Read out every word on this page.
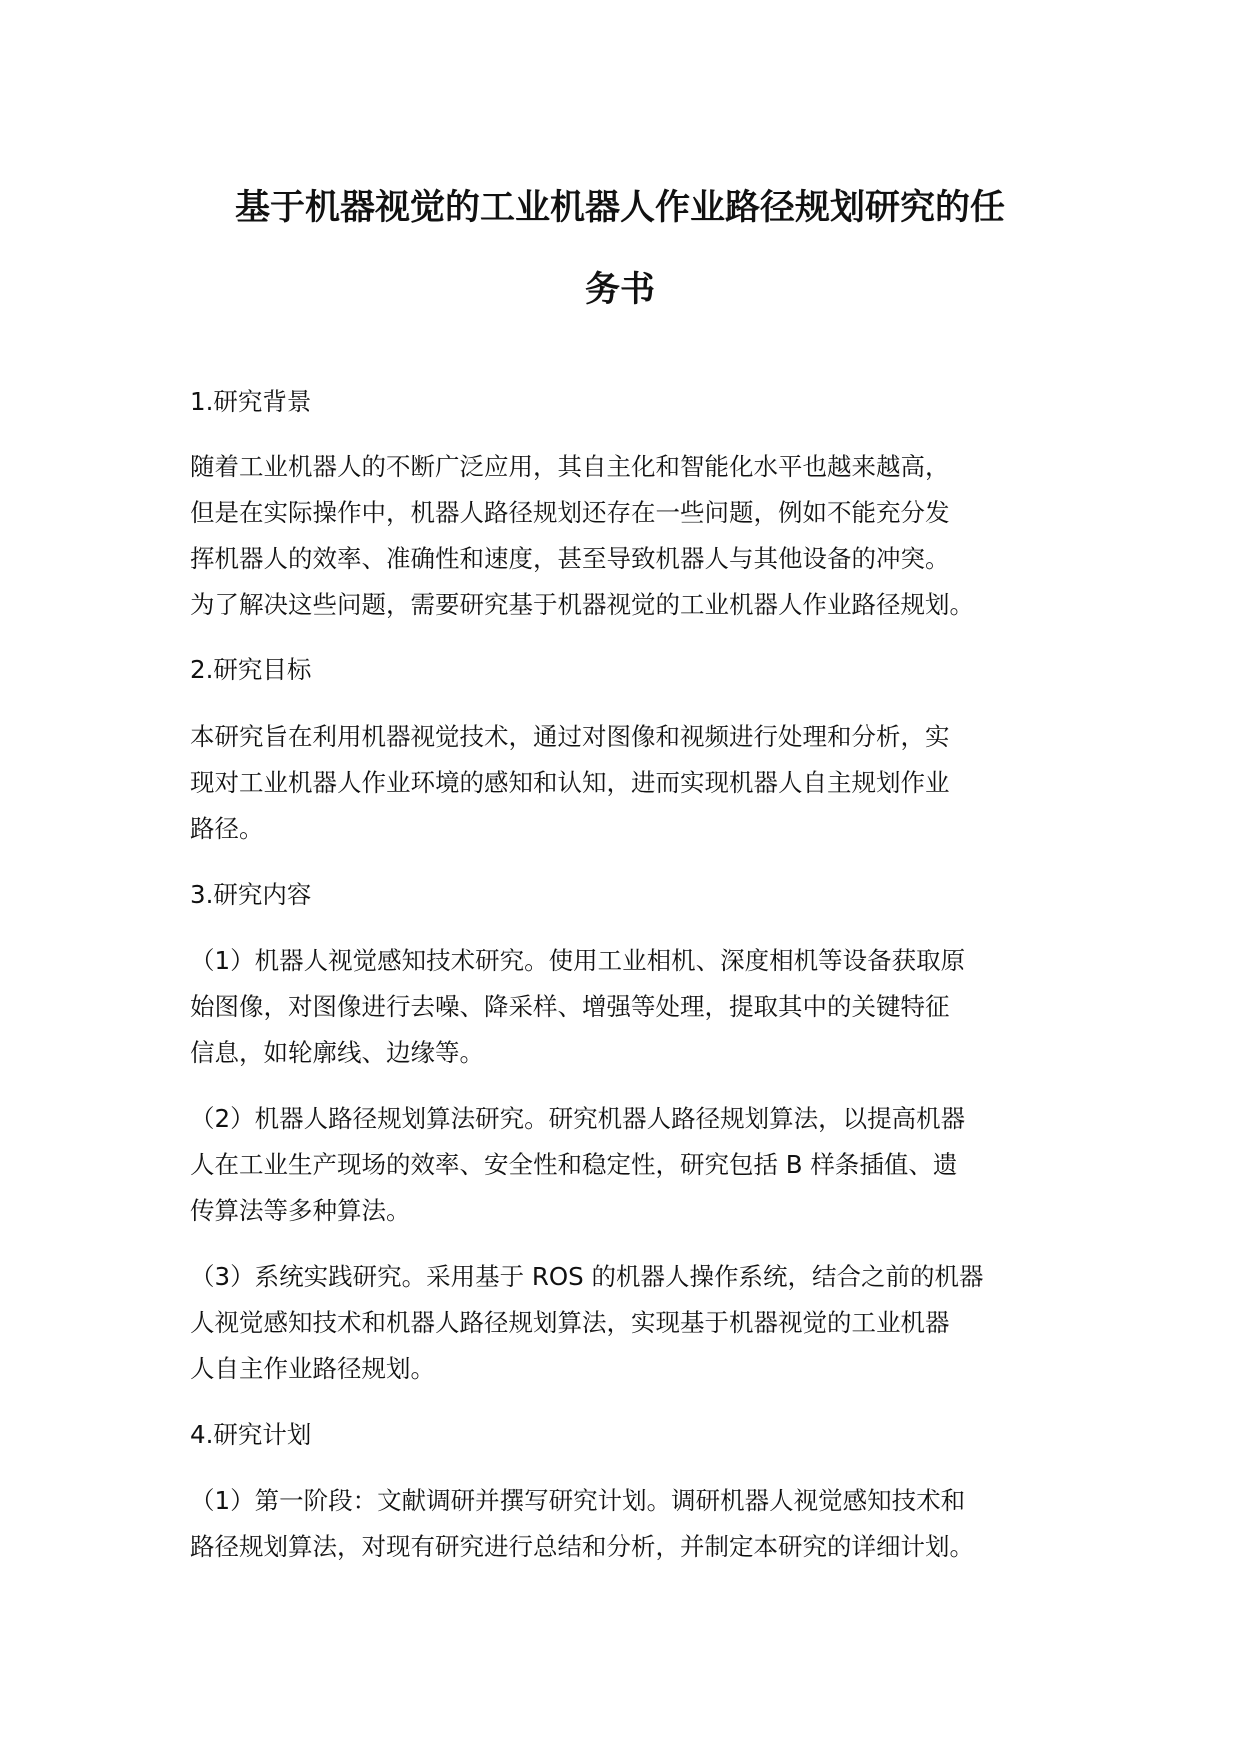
基于机器视觉的工业机器人作业路径规划研究的任
务书
1.研究背景
随着工业机器人的不断广泛应用，其自主化和智能化水平也越来越高，
但是在实际操作中，机器人路径规划还存在一些问题，例如不能充分发
挥机器人的效率、准确性和速度，甚至导致机器人与其他设备的冲突。
为了解决这些问题，需要研究基于机器视觉的工业机器人作业路径规划。
2.研究目标
本研究旨在利用机器视觉技术，通过对图像和视频进行处理和分析，实
现对工业机器人作业环境的感知和认知，进而实现机器人自主规划作业
路径。
3.研究内容
（1）机器人视觉感知技术研究。使用工业相机、深度相机等设备获取原
始图像，对图像进行去噪、降采样、增强等处理，提取其中的关键特征
信息，如轮廓线、边缘等。
（2）机器人路径规划算法研究。研究机器人路径规划算法，以提高机器
人在工业生产现场的效率、安全性和稳定性，研究包括 B 样条插值、遗
传算法等多种算法。
（3）系统实践研究。采用基于 ROS 的机器人操作系统，结合之前的机器
人视觉感知技术和机器人路径规划算法，实现基于机器视觉的工业机器
人自主作业路径规划。
4.研究计划
（1）第一阶段：文献调研并撰写研究计划。调研机器人视觉感知技术和
路径规划算法，对现有研究进行总结和分析，并制定本研究的详细计划。
